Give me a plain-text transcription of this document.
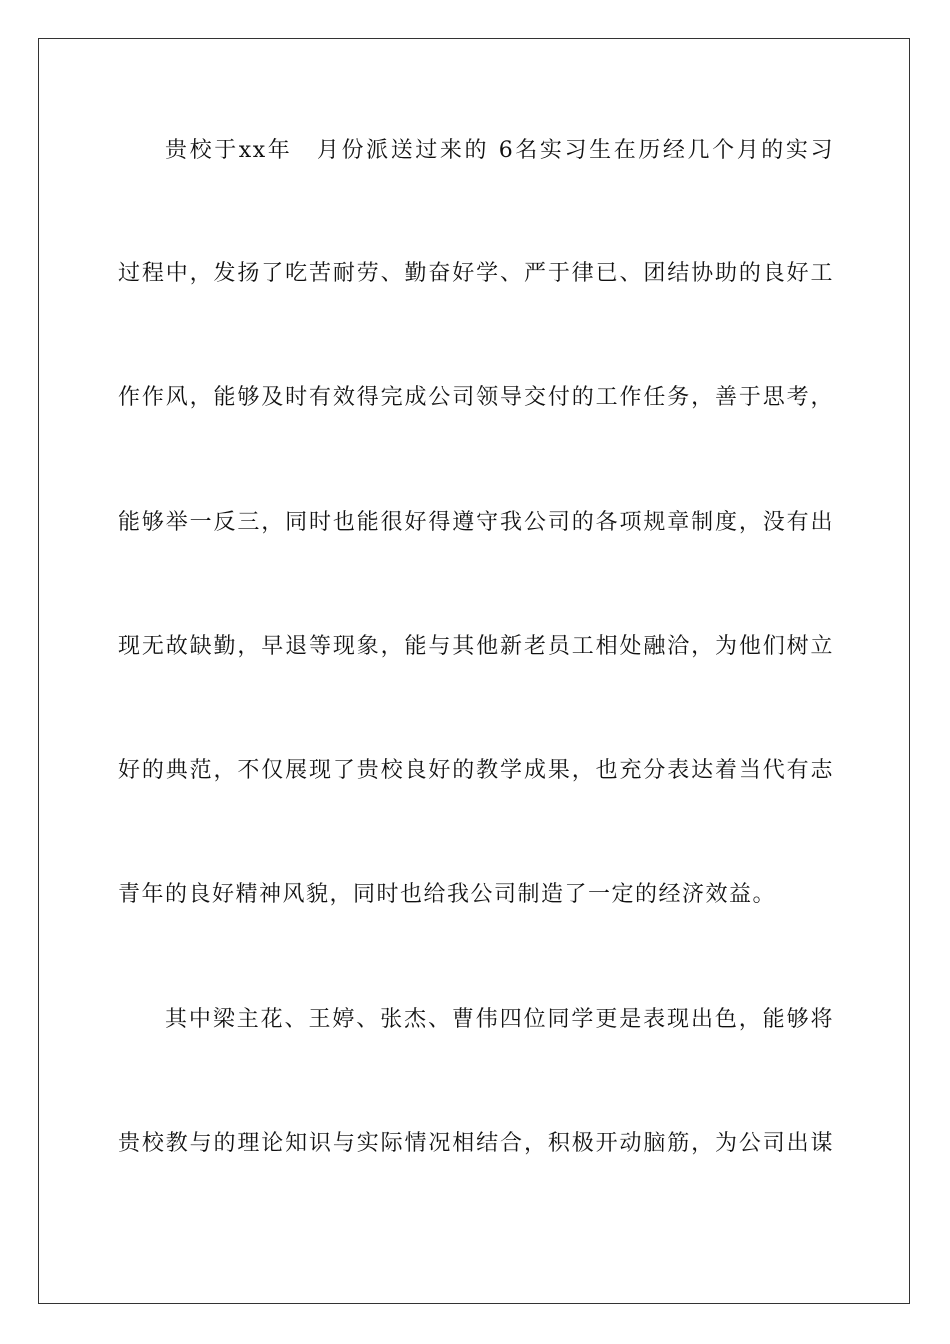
贵校于xx年　月份派送过来的 6名实习生在历经几个月的实习
过程中，发扬了吃苦耐劳、勤奋好学、严于律已、团结协助的良好工
作作风，能够及时有效得完成公司领导交付的工作任务，善于思考，
能够举一反三，同时也能很好得遵守我公司的各项规章制度，没有出
现无故缺勤，早退等现象，能与其他新老员工相处融洽，为他们树立
好的典范，不仅展现了贵校良好的教学成果，也充分表达着当代有志
青年的良好精神风貌，同时也给我公司制造了一定的经济效益。
其中梁主花、王婷、张杰、曹伟四位同学更是表现出色，能够将
贵校教与的理论知识与实际情况相结合，积极开动脑筋，为公司出谋
